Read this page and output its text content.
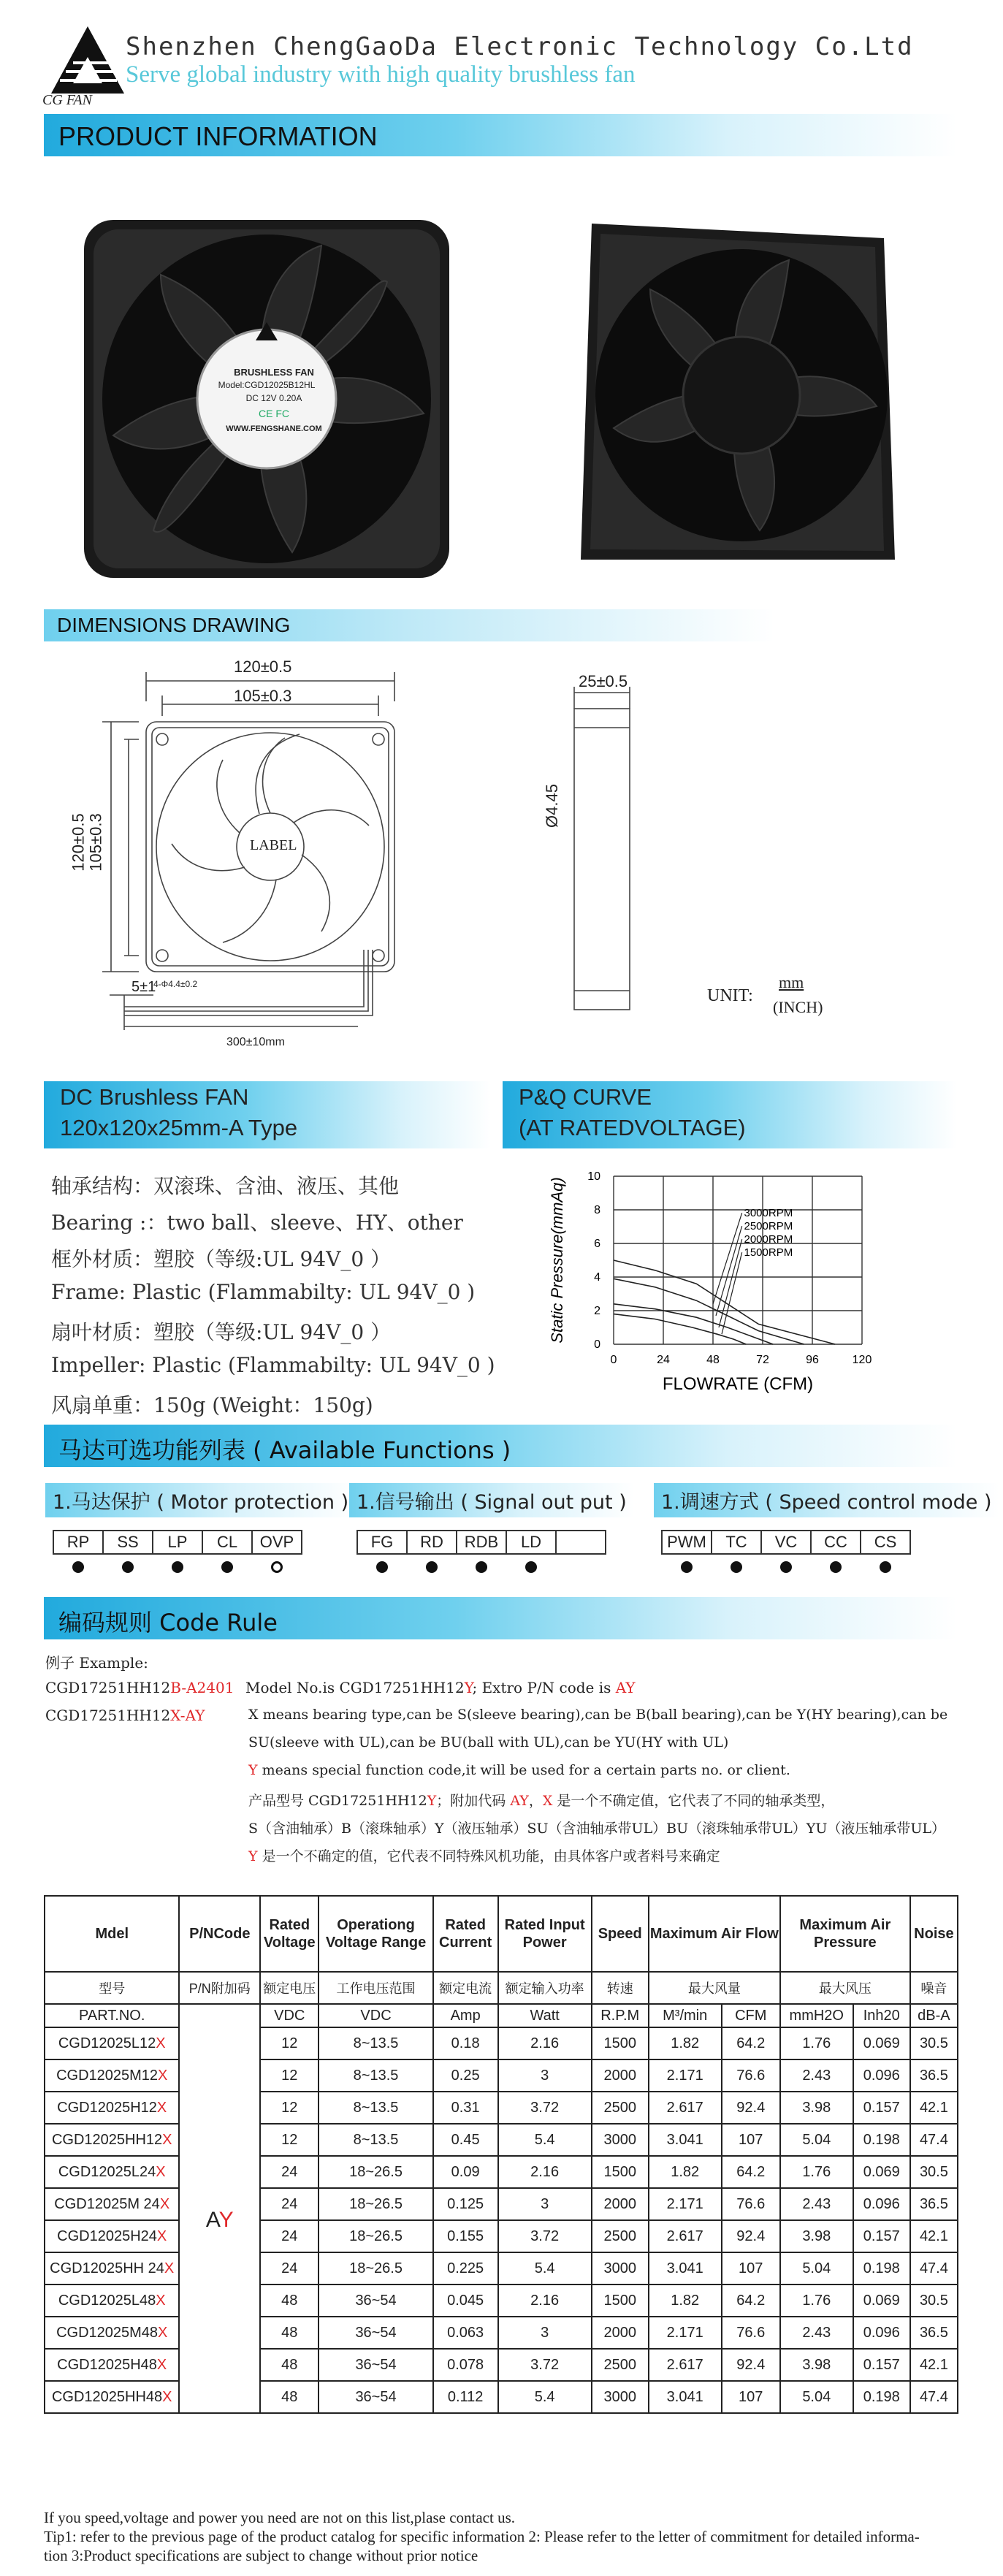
CG FAN
Shenzhen ChengGaoDa Electronic Technology Co.Ltd
Serve global industry with high quality brushless fan
PRODUCT INFORMATION
BRUSHLESS FAN
Model:CGD12025B12HL
DC 12V 0.20A
CE FC
WWW.FENGSHANE.COM
DIMENSIONS DRAWING
120±0.5
105±0.3
120±0.5 105±0.3	LABEL
4-Φ4.4±0.2
5±1
300±10mm
25±0.5
Ø4.45
UNIT:
mm
(INCH)
DC Brushless FAN
120x120x25mm-A Type
P&Q CURVE
(AT RATEDVOLTAGE)
轴承结构：双滚珠、含油、液压、其他
Bearing :：two ball、sleeve、HY、other
框外材质：塑胶（等级:UL 94V_0 ）
Frame: Plastic (Flammabilty: UL 94V_0 )
扇叶材质：塑胶（等级:UL 94V_0 ）
Impeller: Plastic (Flammabilty: UL 94V_0 )
风扇单重：150g (Weight：150g)
0	24	48	72	96	120
0
2
4
6
8
10
FLOWRATE (CFM)
Static Pressure(mmAq)	3000RPM
2500RPM
2000RPM
1500RPM
马达可选功能列表 ( Available Functions )
1.马达保护 ( Motor protection )
RP	SS	LP	CL	OVP

1.信号输出 ( Signal out put )
FG	RD	RDB	LD	

1.调速方式 ( Speed control mode )
PWM	TC	VC	CC	CS

编码规则 Code Rule
例子 Example:
CGD17251HH12B-A2401 Model No.is CGD17251HH12Y; Extro P/N code is AY
CGD17251HH12X-AY	X means bearing type,can be S(sleeve bearing),can be B(ball bearing),can be Y(HY bearing),can be
SU(sleeve with UL),can be BU(ball with UL),can be YU(HY with UL)
Y means special function code,it will be used for a certain parts no. or client.
产品型号 CGD17251HH12Y；附加代码 AY，X 是一个不确定值，它代表了不同的轴承类型，
S（含油轴承）B（滚珠轴承）Y（液压轴承）SU（含油轴承带UL）BU（滚珠轴承带UL）YU（液压轴承带UL）
Y 是一个不确定的值，它代表不同特殊风机功能，由具体客户或者料号来确定
Mdel	P/NCode	Rated Voltage	Operationg Voltage Range	Rated Current	Rated Input Power	Speed	Maximum Air Flow		Maximum Air Pressure		Noise
型号	P/N附加码	额定电压	工作电压范围	额定电流	额定输入功率	转速	最大风量		最大风压		噪音
PART.NO.		VDC	VDC	Amp	Watt	R.P.M	M³/min	CFM	mmH2O	Inh20	dB-A
CGD12025L12X	AY	12	8~13.5	0.18	2.16	1500	1.82	64.2	1.76	0.069	30.5
CGD12025M12X		12	8~13.5	0.25	3	2000	2.171	76.6	2.43	0.096	36.5
CGD12025H12X		12	8~13.5	0.31	3.72	2500	2.617	92.4	3.98	0.157	42.1
CGD12025HH12X		12	8~13.5	0.45	5.4	3000	3.041	107	5.04	0.198	47.4
CGD12025L24X		24	18~26.5	0.09	2.16	1500	1.82	64.2	1.76	0.069	30.5
CGD12025M 24X		24	18~26.5	0.125	3	2000	2.171	76.6	2.43	0.096	36.5
CGD12025H24X		24	18~26.5	0.155	3.72	2500	2.617	92.4	3.98	0.157	42.1
CGD12025HH 24X		24	18~26.5	0.225	5.4	3000	3.041	107	5.04	0.198	47.4
CGD12025L48X		48	36~54	0.045	2.16	1500	1.82	64.2	1.76	0.069	30.5
CGD12025M48X		48	36~54	0.063	3	2000	2.171	76.6	2.43	0.096	36.5
CGD12025H48X		48	36~54	0.078	3.72	2500	2.617	92.4	3.98	0.157	42.1
CGD12025HH48X		48	36~54	0.112	5.4	3000	3.041	107	5.04	0.198	47.4
If you speed,voltage and power you need are not on this list,plase contact us.
Tip1: refer to the previous page of the product catalog for specific information 2: Please refer to the letter of commitment for detailed informa-
tion 3:Product specifications are subject to change without prior notice
